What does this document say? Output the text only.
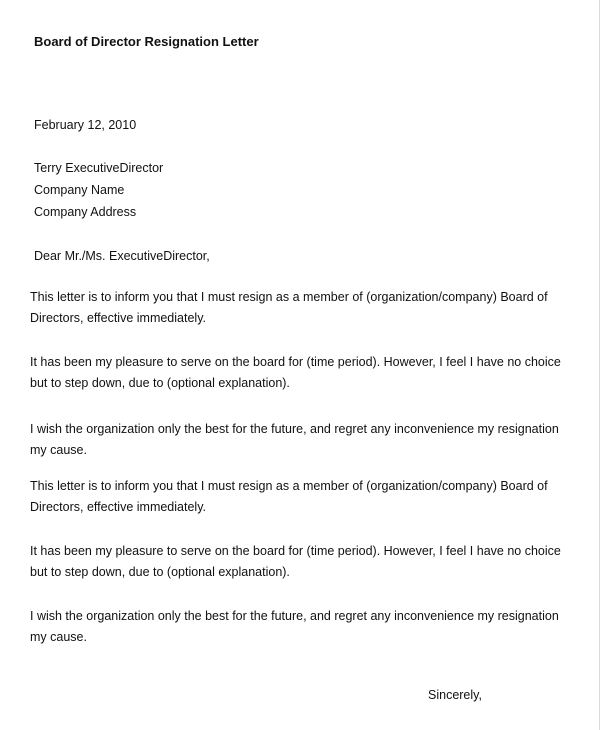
Board of Director Resignation Letter
February 12, 2010
Terry ExecutiveDirector
Company Name
Company Address
Dear Mr./Ms. ExecutiveDirector,

This letter is to inform you that I must resign as a member of (organization/company) Board of Directors, effective immediately.

It has been my pleasure to serve on the board for (time period). However, I feel I have no choice but to step down, due to (optional explanation).

I wish the organization only the best for the future, and regret any inconvenience my resignation my cause.

This letter is to inform you that I must resign as a member of (organization/company) Board of Directors, effective immediately.

It has been my pleasure to serve on the board for (time period). However, I feel I have no choice but to step down, due to (optional explanation).

I wish the organization only the best for the future, and regret any inconvenience my resignation my cause.

Sincerely,
